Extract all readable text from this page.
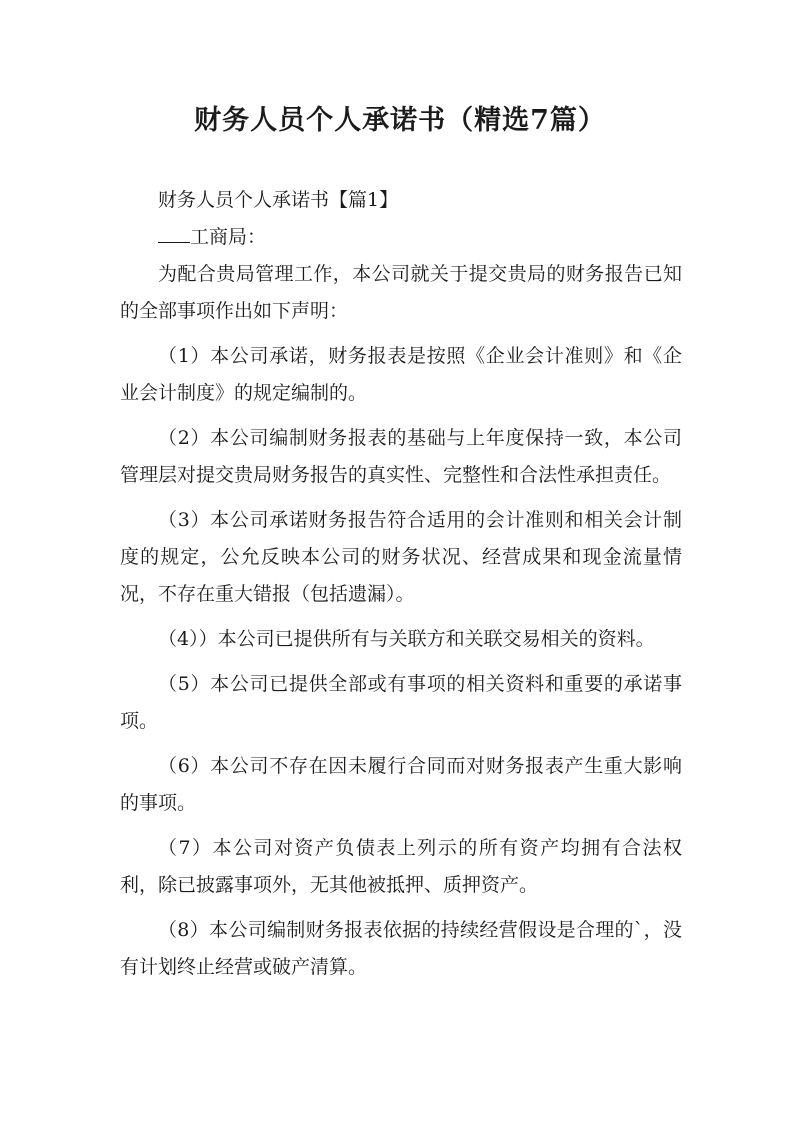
财务人员个人承诺书（精选7篇）

财务人员个人承诺书【篇1】

工商局：

为配合贵局管理工作，本公司就关于提交贵局的财务报告已知的全部事项作出如下声明：

（1）本公司承诺，财务报表是按照《企业会计准则》和《企业会计制度》的规定编制的。

（2）本公司编制财务报表的基础与上年度保持一致，本公司管理层对提交贵局财务报告的真实性、完整性和合法性承担责任。

（3）本公司承诺财务报告符合适用的会计准则和相关会计制度的规定，公允反映本公司的财务状况、经营成果和现金流量情况，不存在重大错报（包括遗漏）。

（4））本公司已提供所有与关联方和关联交易相关的资料。

（5）本公司已提供全部或有事项的相关资料和重要的承诺事项。

（6）本公司不存在因未履行合同而对财务报表产生重大影响的事项。

（7）本公司对资产负债表上列示的所有资产均拥有合法权利，除已披露事项外，无其他被抵押、质押资产。

（8）本公司编制财务报表依据的持续经营假设是合理的`，没有计划终止经营或破产清算。
